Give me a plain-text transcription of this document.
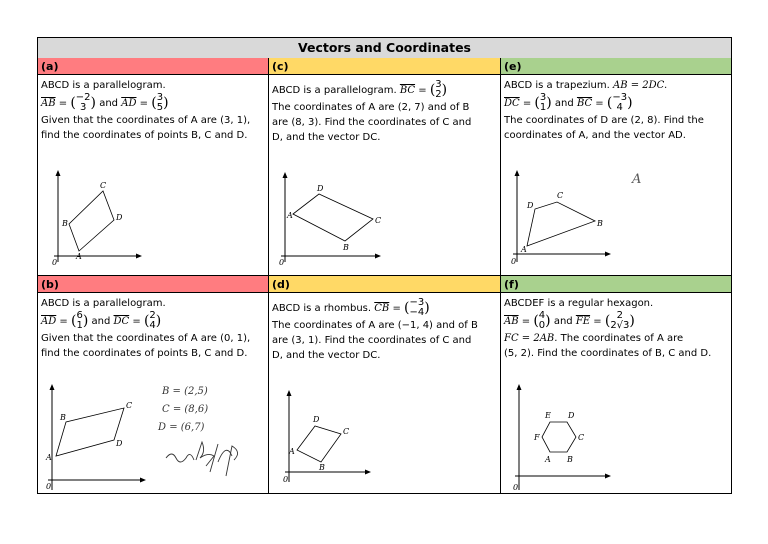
Vectors and Coordinates
(a)
ABCD is a parallelogram.
$\overline{AB} = (-2$
3 ) and $\overline{AD} = (3$
5)
Given that the coordinates of A are (3, 1),
find the coordinates of points B, C and D.
0
A
B
C
D
(c)
ABCD is a parallelogram. $\overline{BC} = (3$
2)
The coordinates of A are (2, 7) and of B
are (8, 3). Find the coordinates of C and
D, and the vector DC.
0
A
B
C
D
(e)
ABCD is a trapezium. AB = 2DC.
$\overline{DC} = (3$
1) and $\overline{BC} = (-3$
4 )
The coordinates of D are (2, 8). Find the
coordinates of A, and the vector AD.
0
A
B
C
D
A
(b)
ABCD is a parallelogram.
$\overline{AD} = (6$
1) and $\overline{DC} = (2$
4)
Given that the coordinates of A are (0, 1),
find the coordinates of points B, C and D.
0
A
B
C
D
B = (2,5)
C = (8,6)
D = (6,7)
(d)
ABCD is a rhombus. $\overline{CB} = (-3$
−4)
The coordinates of A are (−1, 4) and of B
are (3, 1). Find the coordinates of C and
D, and the vector DC.
0
A
B
C
D
(f)
ABCDEF is a regular hexagon.
$\overline{AB} = (4$
0) and $\overline{FE}$ = ( 2
2√3)
FC = 2AB. The coordinates of A are
(5, 2). Find the coordinates of B, C and D.
0
A B
C
D
E
F
